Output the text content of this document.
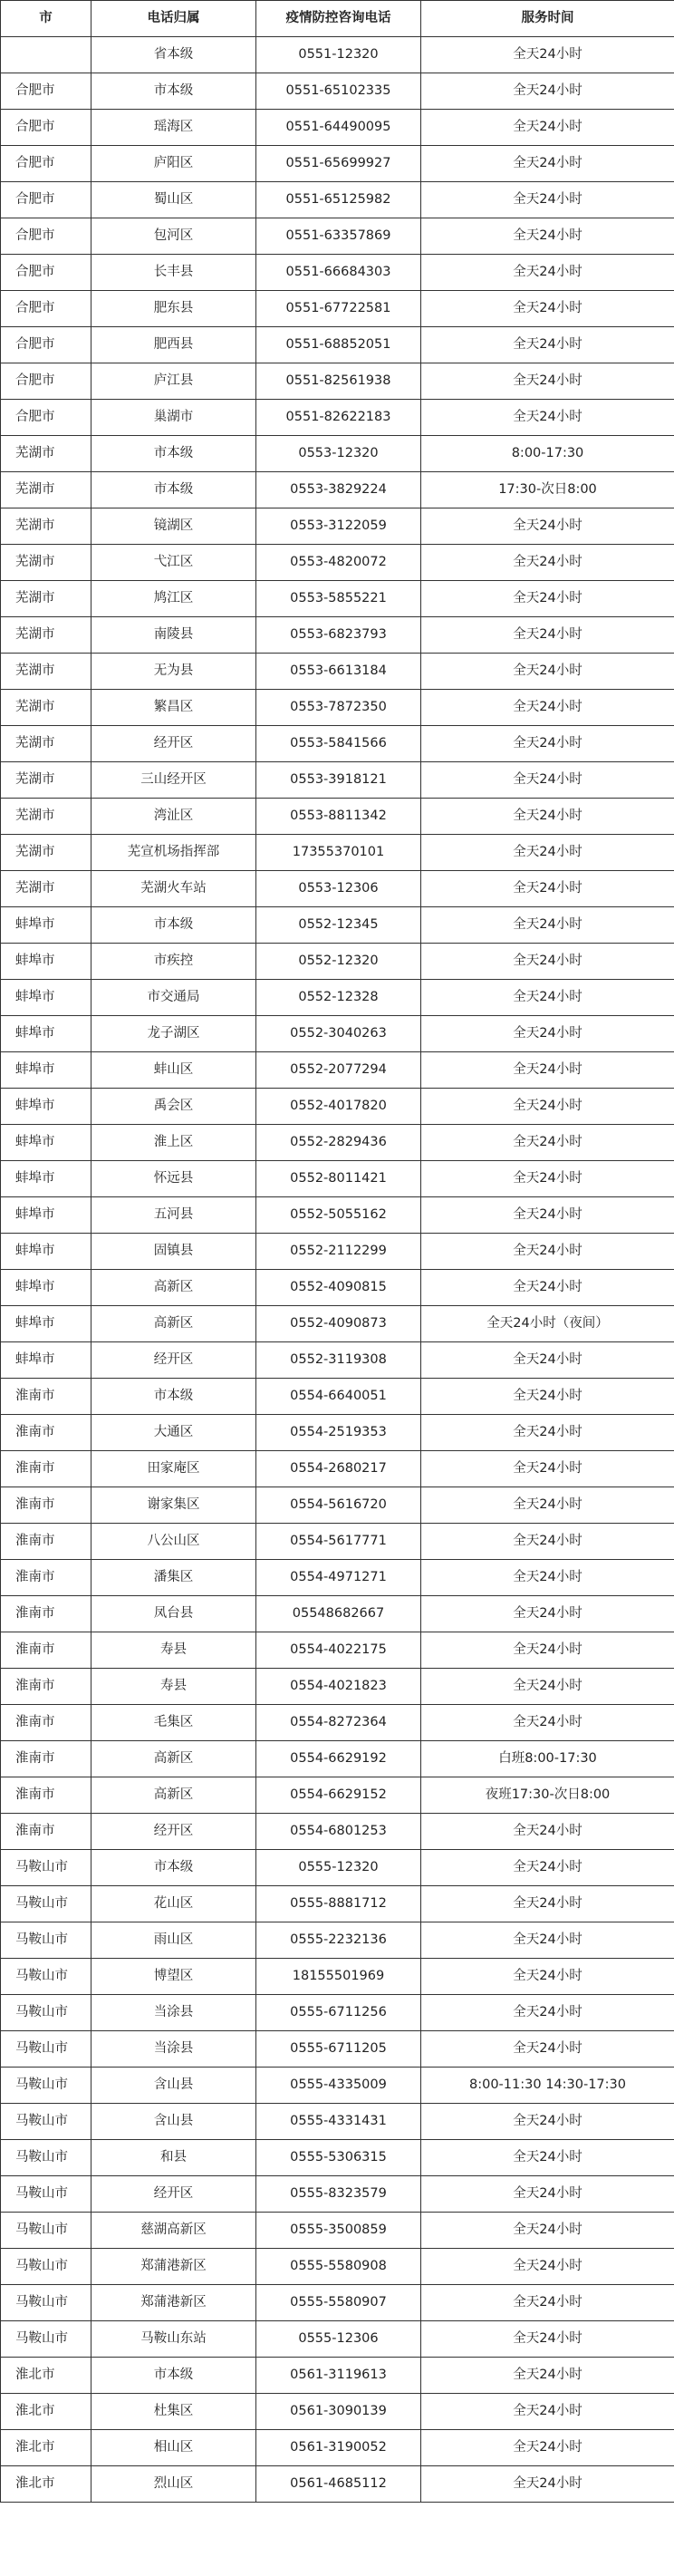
市	电话归属	疫情防控咨询电话	服务时间
	省本级	0551-12320	全天24小时
合肥市	市本级	0551-65102335	全天24小时
合肥市	瑶海区	0551-64490095	全天24小时
合肥市	庐阳区	0551-65699927	全天24小时
合肥市	蜀山区	0551-65125982	全天24小时
合肥市	包河区	0551-63357869	全天24小时
合肥市	长丰县	0551-66684303	全天24小时
合肥市	肥东县	0551-67722581	全天24小时
合肥市	肥西县	0551-68852051	全天24小时
合肥市	庐江县	0551-82561938	全天24小时
合肥市	巢湖市	0551-82622183	全天24小时
芜湖市	市本级	0553-12320	8:00-17:30
芜湖市	市本级	0553-3829224	17:30-次日8:00
芜湖市	镜湖区	0553-3122059	全天24小时
芜湖市	弋江区	0553-4820072	全天24小时
芜湖市	鸠江区	0553-5855221	全天24小时
芜湖市	南陵县	0553-6823793	全天24小时
芜湖市	无为县	0553-6613184	全天24小时
芜湖市	繁昌区	0553-7872350	全天24小时
芜湖市	经开区	0553-5841566	全天24小时
芜湖市	三山经开区	0553-3918121	全天24小时
芜湖市	湾沚区	0553-8811342	全天24小时
芜湖市	芜宣机场指挥部	17355370101	全天24小时
芜湖市	芜湖火车站	0553-12306	全天24小时
蚌埠市	市本级	0552-12345	全天24小时
蚌埠市	市疾控	0552-12320	全天24小时
蚌埠市	市交通局	0552-12328	全天24小时
蚌埠市	龙子湖区	0552-3040263	全天24小时
蚌埠市	蚌山区	0552-2077294	全天24小时
蚌埠市	禹会区	0552-4017820	全天24小时
蚌埠市	淮上区	0552-2829436	全天24小时
蚌埠市	怀远县	0552-8011421	全天24小时
蚌埠市	五河县	0552-5055162	全天24小时
蚌埠市	固镇县	0552-2112299	全天24小时
蚌埠市	高新区	0552-4090815	全天24小时
蚌埠市	高新区	0552-4090873	全天24小时（夜间）
蚌埠市	经开区	0552-3119308	全天24小时
淮南市	市本级	0554-6640051	全天24小时
淮南市	大通区	0554-2519353	全天24小时
淮南市	田家庵区	0554-2680217	全天24小时
淮南市	谢家集区	0554-5616720	全天24小时
淮南市	八公山区	0554-5617771	全天24小时
淮南市	潘集区	0554-4971271	全天24小时
淮南市	凤台县	05548682667	全天24小时
淮南市	寿县	0554-4022175	全天24小时
淮南市	寿县	0554-4021823	全天24小时
淮南市	毛集区	0554-8272364	全天24小时
淮南市	高新区	0554-6629192	白班8:00-17:30
淮南市	高新区	0554-6629152	夜班17:30-次日8:00
淮南市	经开区	0554-6801253	全天24小时
马鞍山市	市本级	0555-12320	全天24小时
马鞍山市	花山区	0555-8881712	全天24小时
马鞍山市	雨山区	0555-2232136	全天24小时
马鞍山市	博望区	18155501969	全天24小时
马鞍山市	当涂县	0555-6711256	全天24小时
马鞍山市	当涂县	0555-6711205	全天24小时
马鞍山市	含山县	0555-4335009	8:00-11:30 14:30-17:30
马鞍山市	含山县	0555-4331431	全天24小时
马鞍山市	和县	0555-5306315	全天24小时
马鞍山市	经开区	0555-8323579	全天24小时
马鞍山市	慈湖高新区	0555-3500859	全天24小时
马鞍山市	郑蒲港新区	0555-5580908	全天24小时
马鞍山市	郑蒲港新区	0555-5580907	全天24小时
马鞍山市	马鞍山东站	0555-12306	全天24小时
淮北市	市本级	0561-3119613	全天24小时
淮北市	杜集区	0561-3090139	全天24小时
淮北市	相山区	0561-3190052	全天24小时
淮北市	烈山区	0561-4685112	全天24小时
